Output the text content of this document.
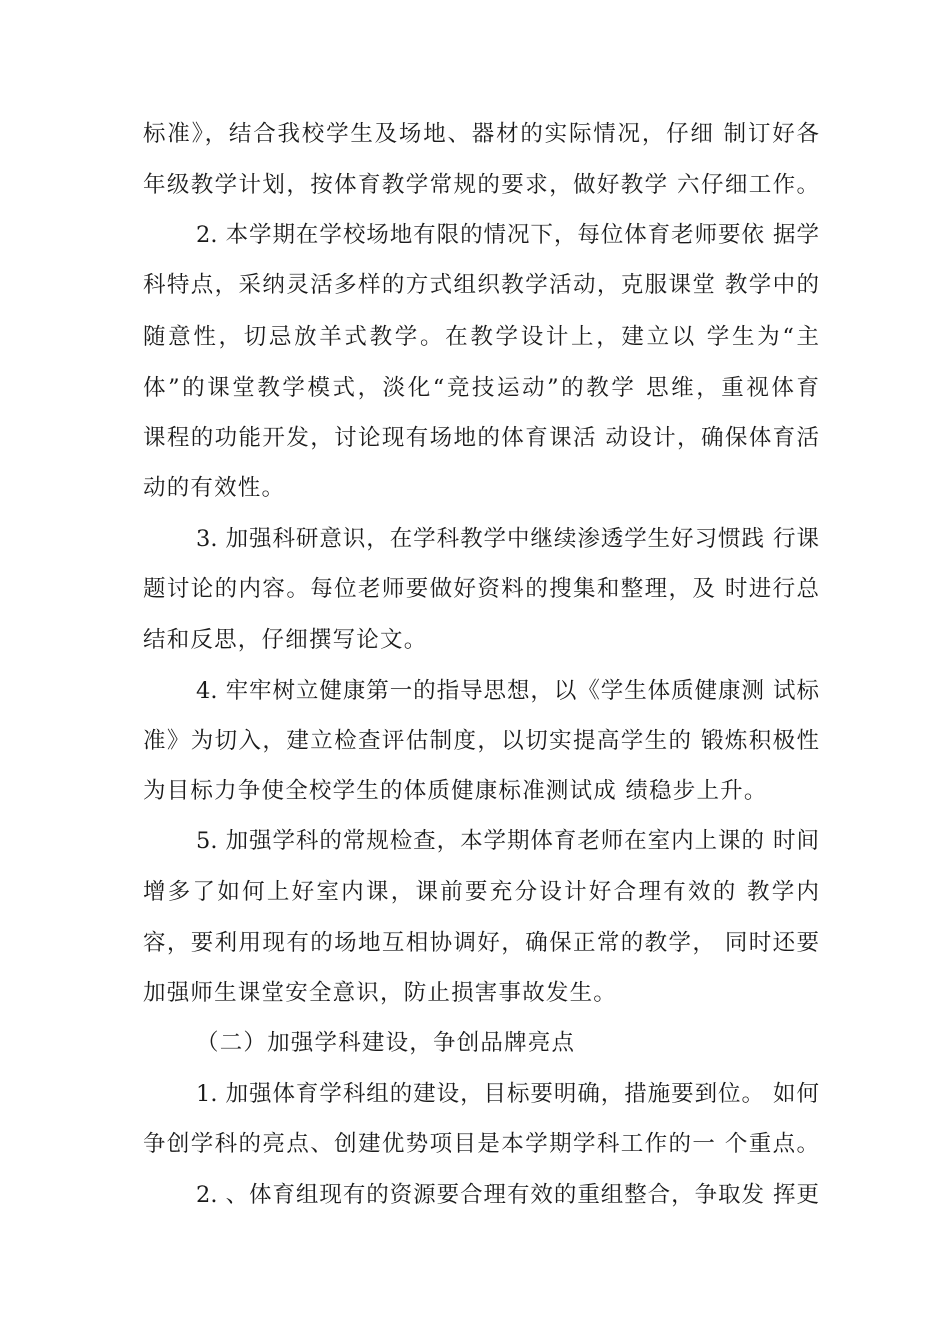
标准》，结合我校学生及场地、器材的实际情况，仔细 制订好各

年级教学计划，按体育教学常规的要求，做好教学 六仔细工作。

2. 本学期在学校场地有限的情况下，每位体育老师要依 据学

科特点，采纳灵活多样的方式组织教学活动，克服课堂 教学中的

随意性，切忌放羊式教学。在教学设计上，建立以 学生为“主

体”的课堂教学模式，淡化“竞技运动”的教学 思维，重视体育

课程的功能开发，讨论现有场地的体育课活 动设计，确保体育活

动的有效性。

3. 加强科研意识，在学科教学中继续渗透学生好习惯践 行课

题讨论的内容。每位老师要做好资料的搜集和整理，及 时进行总

结和反思，仔细撰写论文。

4. 牢牢树立健康第一的指导思想，以《学生体质健康测 试标

准》为切入，建立检查评估制度，以切实提高学生的 锻炼积极性

为目标力争使全校学生的体质健康标准测试成 绩稳步上升。

5. 加强学科的常规检查，本学期体育老师在室内上课的 时间

增多了如何上好室内课，课前要充分设计好合理有效的 教学内

容，要利用现有的场地互相协调好，确保正常的教学， 同时还要

加强师生课堂安全意识，防止损害事故发生。

（二）加强学科建设，争创品牌亮点

1. 加强体育学科组的建设，目标要明确，措施要到位。 如何

争创学科的亮点、创建优势项目是本学期学科工作的一 个重点。

2. 、体育组现有的资源要合理有效的重组整合，争取发 挥更
